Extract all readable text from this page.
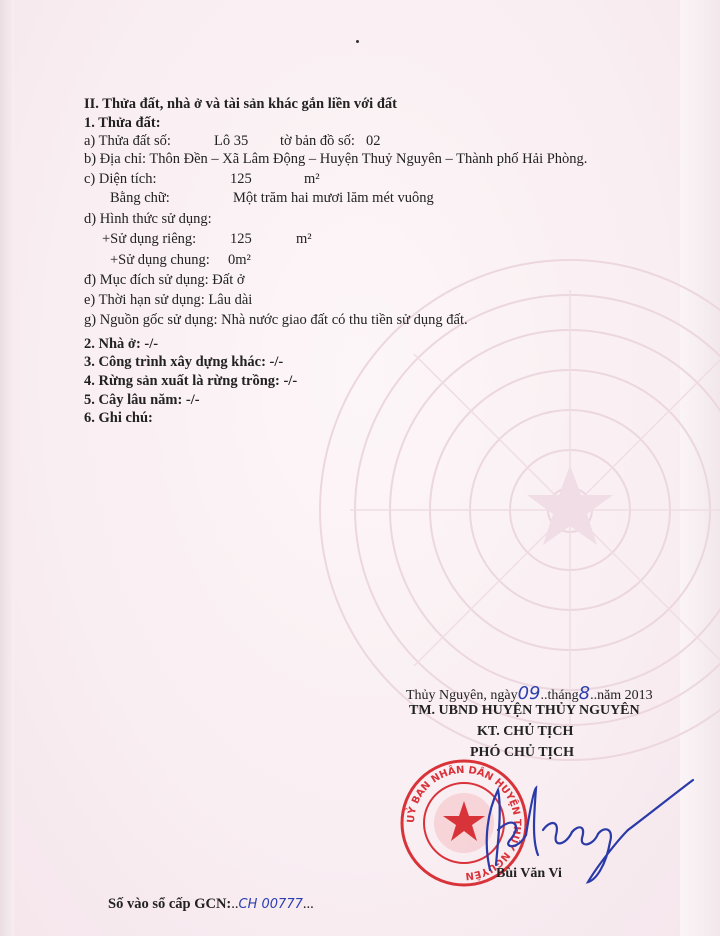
II. Thửa đất, nhà ở và tài sản khác gắn liền với đất
1. Thửa đất:
a) Thửa đất số:	Lô 35 tờ bản đồ số: 02
b) Địa chỉ: Thôn Đền – Xã Lâm Động – Huyện Thuỷ Nguyên – Thành phố Hải Phòng.
c) Diện tích:	125	m²
Bằng chữ:	Một trăm hai mươi lăm mét vuông
d) Hình thức sử dụng:
+Sử dụng riêng: 125	m²
+Sử dụng chung: 0m²
đ) Mục đích sử dụng: Đất ở
e) Thời hạn sử dụng: Lâu dài
g) Nguồn gốc sử dụng: Nhà nước giao đất có thu tiền sử dụng đất.
2. Nhà ở: -/-
3. Công trình xây dựng khác: -/-
4. Rừng sản xuất là rừng trồng: -/-
5. Cây lâu năm: -/-
6. Ghi chú:
Thủy Nguyên, ngày09..tháng8..năm 2013
TM. UBND HUYỆN THỦY NGUYÊN
KT. CHỦ TỊCH
PHÓ CHỦ TỊCH
UỶ BAN NHÂN DÂN HUYỆN THỦY NGUYÊN	Bùi Văn Vi
Số vào sổ cấp GCN:..CH 00777...
